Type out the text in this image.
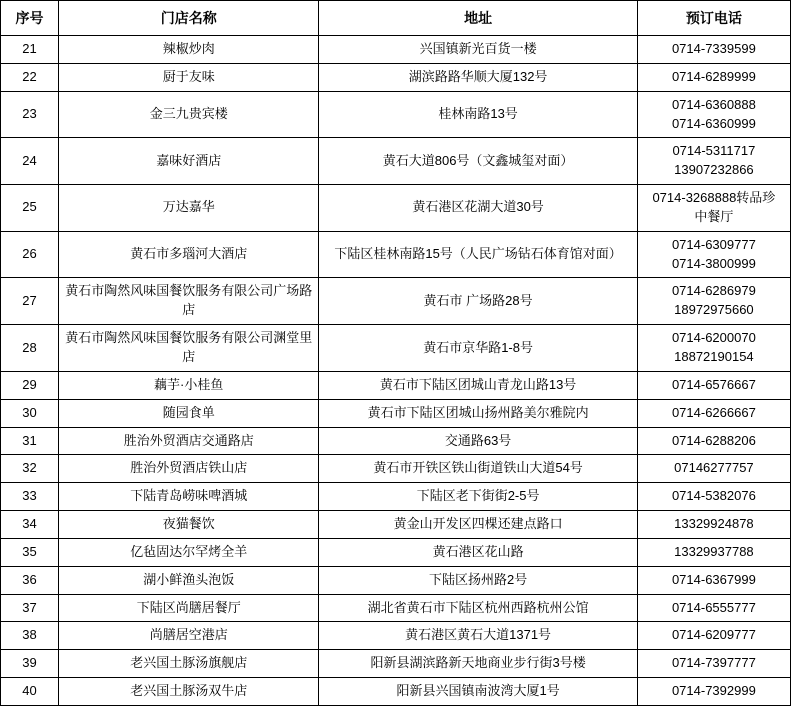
序号	门店名称	地址	预订电话
21	辣椒炒肉	兴国镇新光百货一楼	0714-7339599

22	厨于友味	湖滨路路华顺大厦132号	0714-6289999

23	金三九贵宾楼	桂林南路13号	0714-6360888
0714-6360999

24	嘉味好酒店	黄石大道806号（文鑫城玺对面）	0714-5311717
13907232866

25	万达嘉华	黄石港区花湖大道30号	0714-3268888转品珍
中餐厅

26	黄石市多瑙河大酒店	下陆区桂林南路15号（人民广场钻石体育馆对面）	0714-6309777
0714-3800999

27	黄石市陶然风味国餐饮服务有限公司广场路店	黄石市 广场路28号	0714-6286979
18972975660

28	黄石市陶然风味国餐饮服务有限公司渊堂里店	黄石市京华路1-8号	0714-6200070
18872190154

29	藕芋·小桂鱼	黄石市下陆区团城山青龙山路13号	0714-6576667

30	随园食单	黄石市下陆区团城山扬州路美尔雅院内	0714-6266667

31	胜治外贸酒店交通路店	交通路63号	0714-6288206

32	胜治外贸酒店铁山店	黄石市开铁区铁山街道铁山大道54号	07146277757

33	下陆青岛崂味啤酒城	下陆区老下街街2-5号	0714-5382076

34	夜猫餐饮	黄金山开发区四棵还建点路口	13329924878

35	亿毡固达尔罕烤全羊	黄石港区花山路	13329937788

36	湖小鲜渔头泡饭	下陆区扬州路2号	0714-6367999

37	下陆区尚膳居餐厅	湖北省黄石市下陆区杭州西路杭州公馆	0714-6555777

38	尚膳居空港店	黄石港区黄石大道1371号	0714-6209777

39	老兴国土豚汤旗舰店	阳新县湖滨路新天地商业步行街3号楼	0714-7397777

40	老兴国土豚汤双牛店	阳新县兴国镇南波湾大厦1号	0714-7392999
